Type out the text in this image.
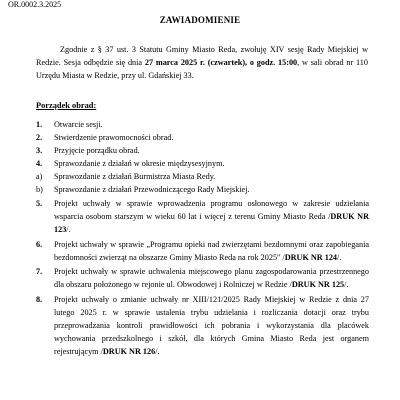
OR.0002.3.2025
ZAWIADOMIENIE

Zgodnie z § 37 ust. 3 Statutu Gminy Miasto Reda, zwołuję XIV sesję Rady Miejskiej w Redzie. Sesja odbędzie się dnia 27 marca 2025 r. (czwartek), o godz. 15:00, w sali obrad nr 110 Urzędu Miasta w Redzie, przy ul. Gdańskiej 33.

Porządek obrad:
1.	Otwarcie sesji.
2.	Stwierdzenie prawomocności obrad.
3.	Przyjęcie porządku obrad.
4.	Sprawozdanie z działań w okresie międzysesyjnym.
a)	Sprawozdanie z działań Burmistrza Miasta Redy.
b)	Sprawozdanie z działań Przewodniczącego Rady Miejskiej.
5.	Projekt uchwały w sprawie wprowadzenia programu osłonowego w zakresie udzielania wsparcia osobom starszym w wieku 60 lat i więcej z terenu Gminy Miasto Reda /DRUK NR 123/.
6.	Projekt uchwały w sprawie „Programu opieki nad zwierzętami bezdomnymi oraz zapobiegania bezdomności zwierząt na obszarze Gminy Miasto Reda na rok 2025" /DRUK NR 124/.
7.	Projekt uchwały w sprawie uchwalenia miejscowego planu zagospodarowania przestrzennego dla obszaru położonego w rejonie ul. Obwodowej i Rolniczej w Redzie /DRUK NR 125/.
8.	Projekt uchwały o zmianie uchwały nr XIII/121/2025 Rady Miejskiej w Redzie z dnia 27 lutego 2025 r. w sprawie ustalenia trybu udzielania i rozliczania dotacji oraz trybu przeprowadzania kontroli prawidłowości ich pobrania i wykorzystania dla placówek wychowania przedszkolnego i szkół, dla których Gmina Miasto Reda jest organem rejestrującym /DRUK NR 126/.
